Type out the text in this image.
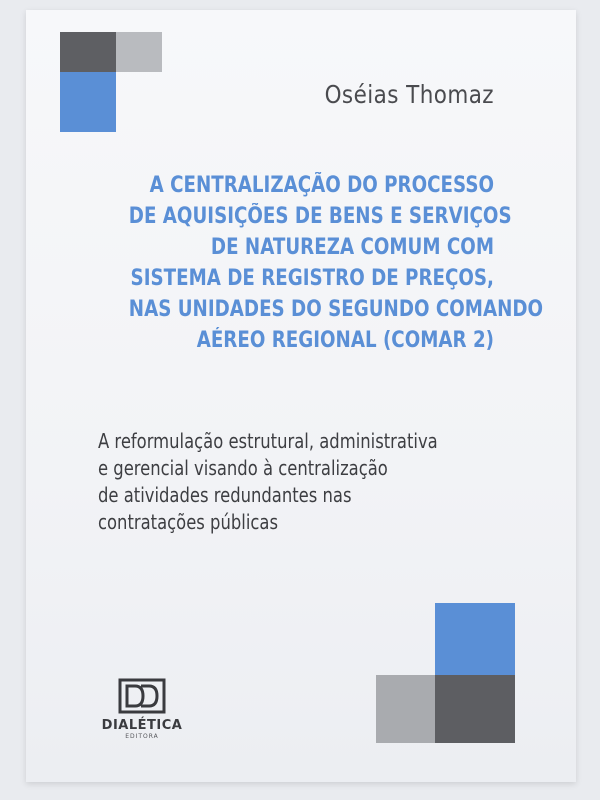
Oséias Thomaz
A CENTRALIZAÇÃO DO PROCESSO
DE AQUISIÇÕES DE BENS E SERVIÇOS
DE NATUREZA COMUM COM
SISTEMA DE REGISTRO DE PREÇOS,
NAS UNIDADES DO SEGUNDO COMANDO
AÉREO REGIONAL (COMAR 2)
A reformulação estrutural, administrativa
e gerencial visando à centralização
de atividades redundantes nas
contratações públicas
DIALÉTICA
EDITORA
